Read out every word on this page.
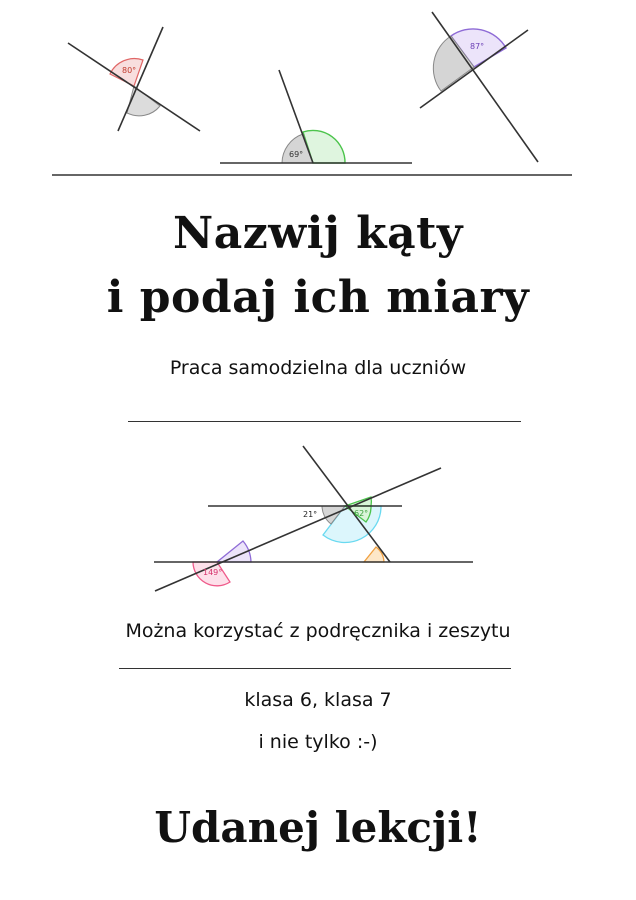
80°
69°
87°
Nazwij kąty
i podaj ich miary
Praca samodzielna dla uczniów
21°	62°
149°
Można korzystać z podręcznika i zeszytu
klasa 6, klasa 7
i nie tylko :-)
Udanej lekcji!
